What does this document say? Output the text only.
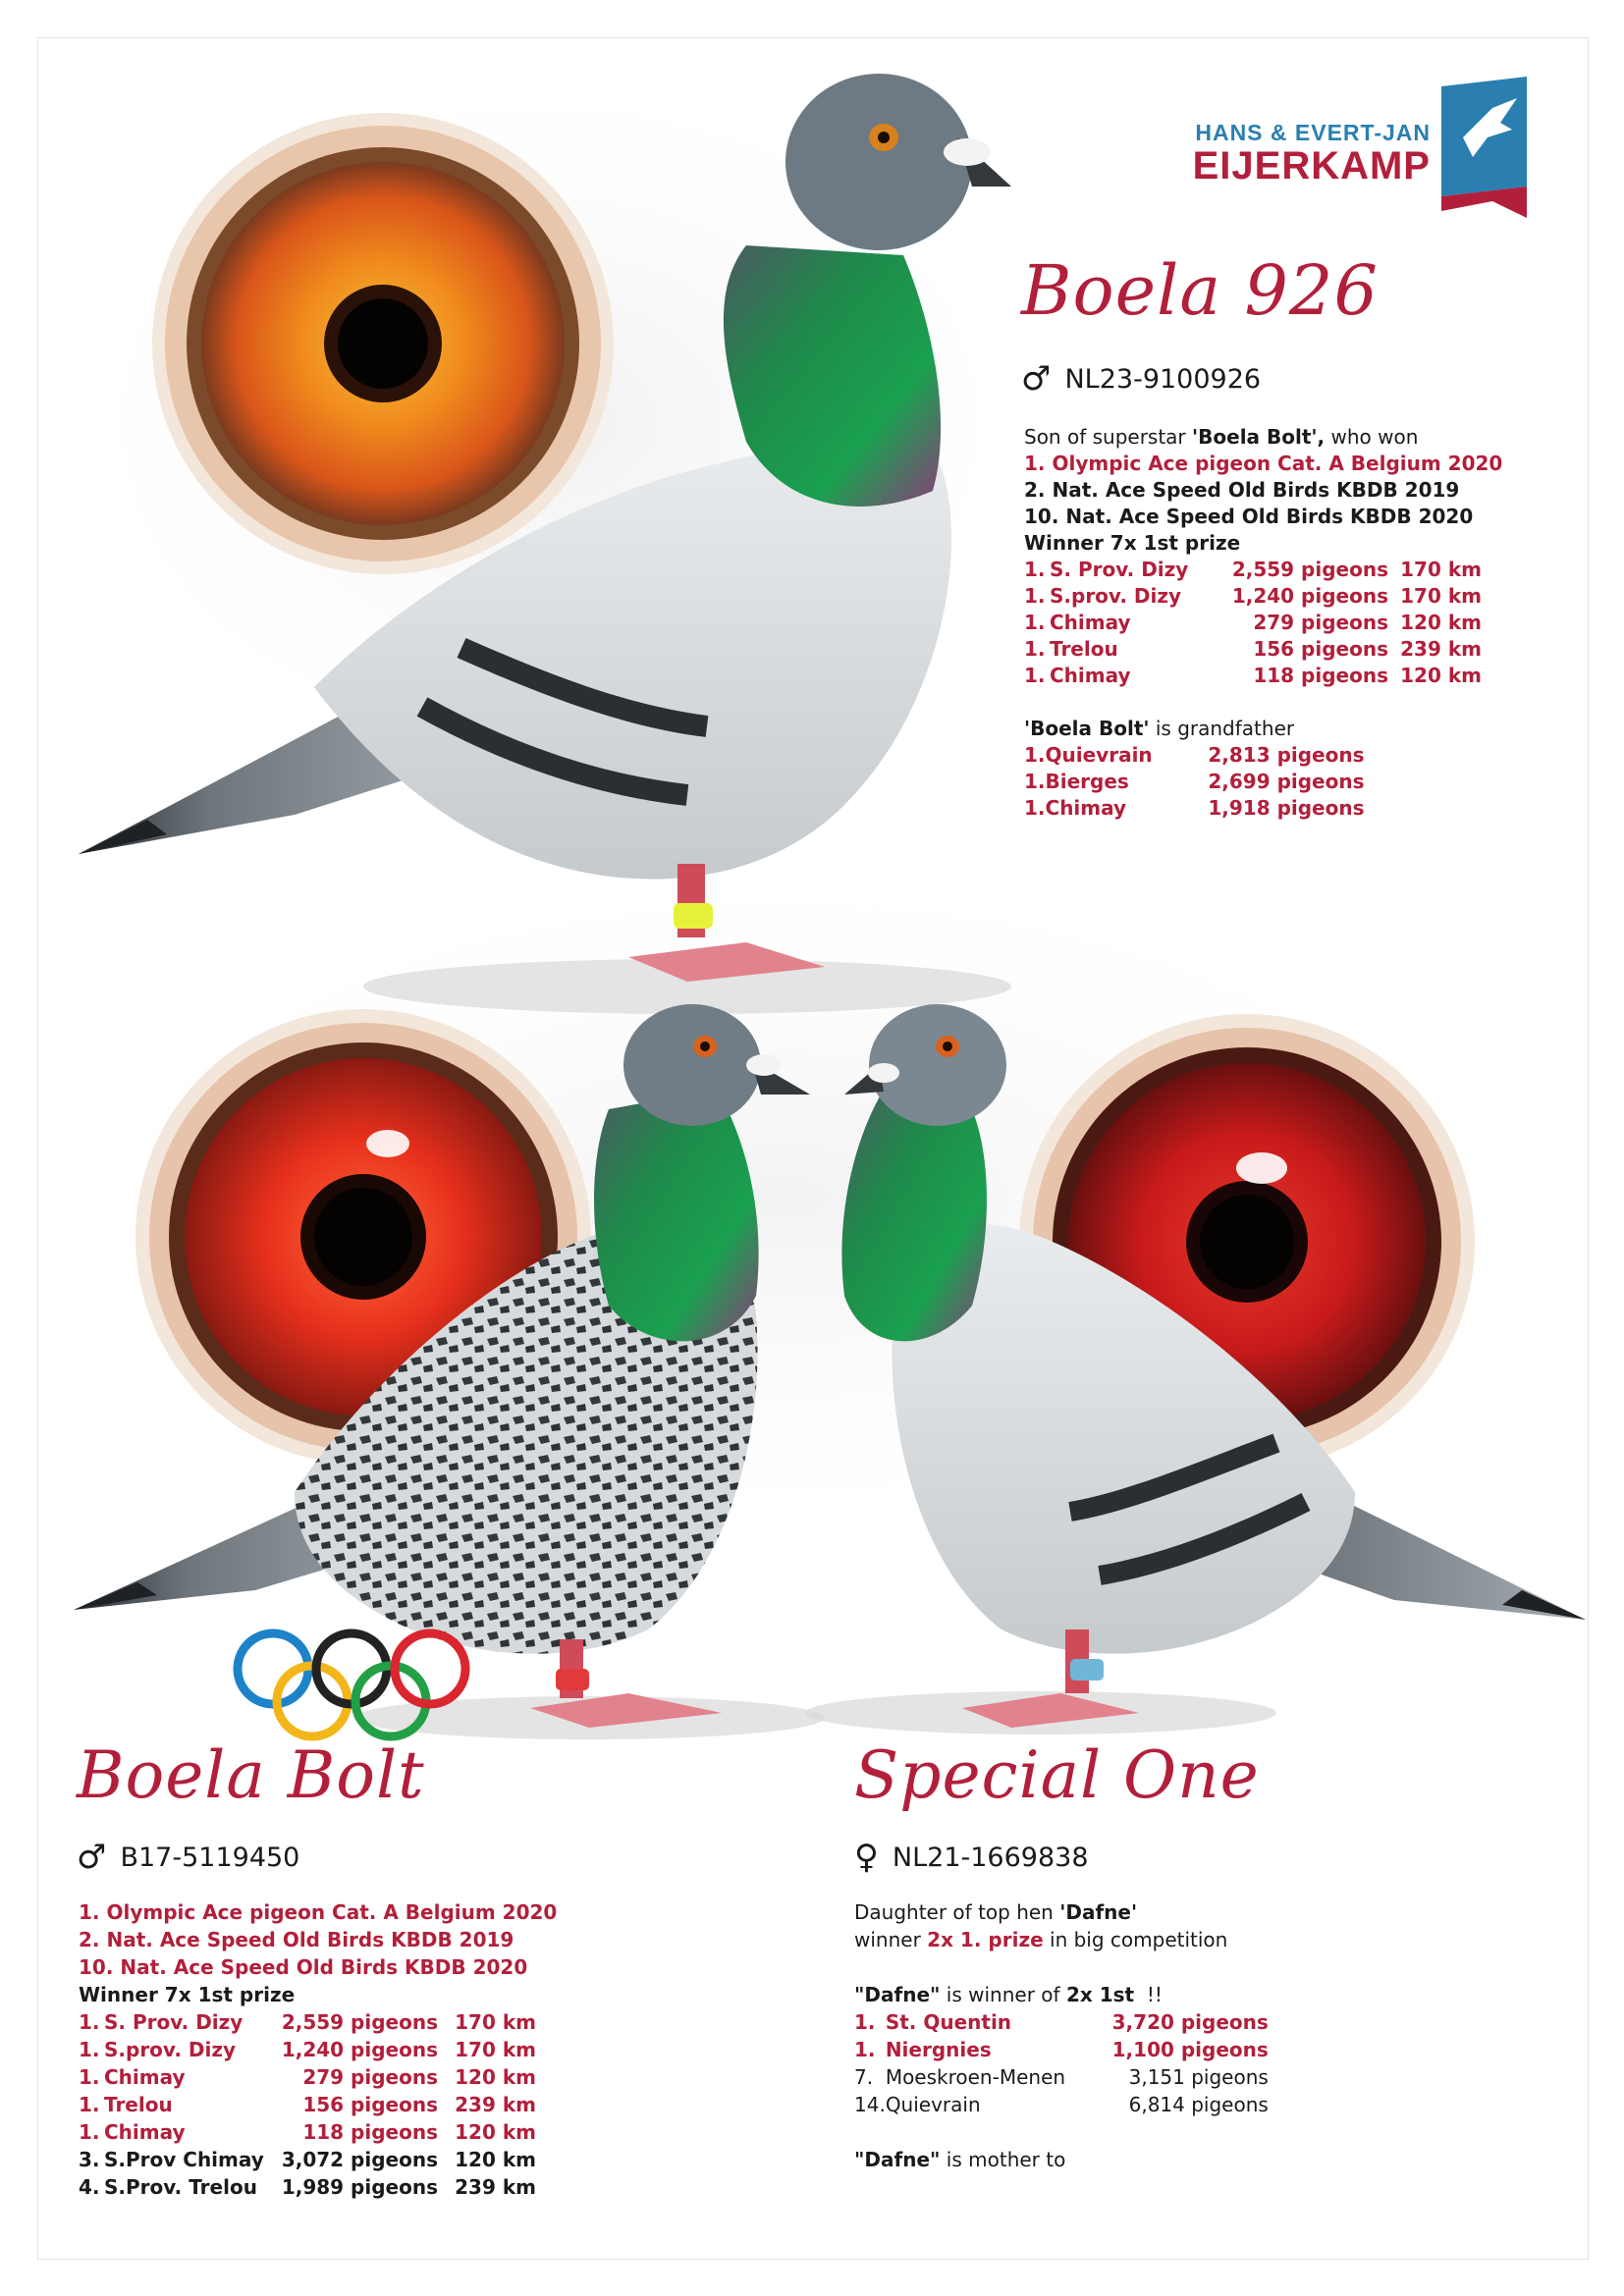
HANS & EVERT-JAN
EIJERKAMP
Boela 926
♂ NL23-9100926
Son of superstar 'Boela Bolt', who won
1. Olympic Ace pigeon Cat. A Belgium 2020
2. Nat. Ace Speed Old Birds KBDB 2019
10. Nat. Ace Speed Old Birds KBDB 2020
Winner 7x 1st prize
1.	S. Prov. Dizy	2,559 pigeons	170 km
1.	S.prov. Dizy	1,240 pigeons	170 km
1.	Chimay	279 pigeons	120 km
1.	Trelou	156 pigeons	239 km
1.	Chimay	118 pigeons	120 km
'Boela Bolt' is grandfather
1.	Quievrain	2,813 pigeons
1.	Bierges	2,699 pigeons
1.	Chimay	1,918 pigeons
Boela Bolt
♂ B17-5119450
1. Olympic Ace pigeon Cat. A Belgium 2020
2. Nat. Ace Speed Old Birds KBDB 2019
10. Nat. Ace Speed Old Birds KBDB 2020
Winner 7x 1st prize
1.	S. Prov. Dizy	2,559 pigeons	170 km
1.	S.prov. Dizy	1,240 pigeons	170 km
1.	Chimay	279 pigeons	120 km
1.	Trelou	156 pigeons	239 km
1.	Chimay	118 pigeons	120 km
3.	S.Prov Chimay	3,072 pigeons	120 km
4.	S.Prov. Trelou	1,989 pigeons	239 km
Special One
♀ NL21-1669838
Daughter of top hen 'Dafne'
winner 2x 1. prize in big competition
"Dafne" is winner of 2x 1st  !!
1.	St. Quentin	3,720 pigeons
1.	Niergnies	1,100 pigeons
7.	Moeskroen-Menen	3,151 pigeons
14.	Quievrain	6,814 pigeons
"Dafne" is mother to
